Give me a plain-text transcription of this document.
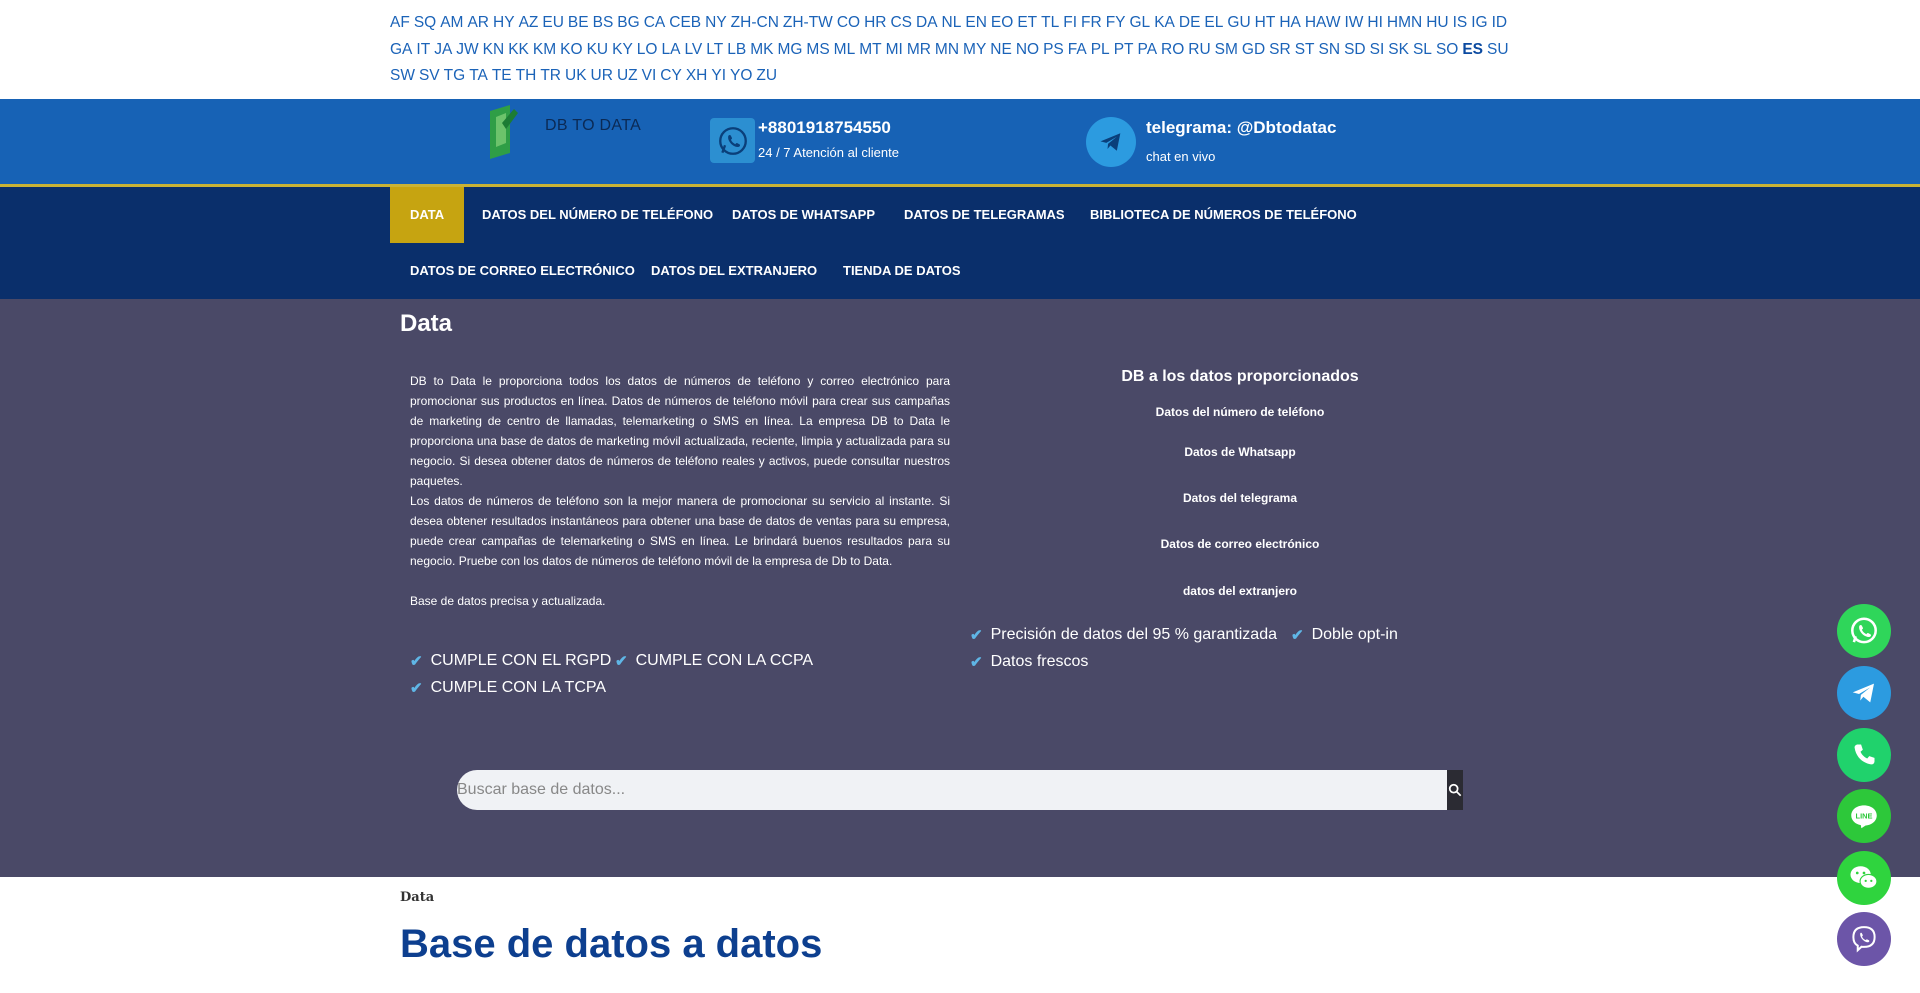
AF SQ AM AR HY AZ EU BE BS BG CA CEB NY ZH-CN ZH-TW CO HR CS DA NL EN EO ET TL FI FR FY GL KA DE EL GU HT HA HAW IW HI HMN HU IS IG IDGA IT JA JW KN KK KM KO KU KY LO LA LV LT LB MK MG MS ML MT MI MR MN MY NE NO PS FA PL PT PA RO RU SM GD SR ST SN SD SI SK SL SO ES SUSW SV TG TA TE TH TR UK UR UZ VI CY XH YI YO ZU
DB TO DATA	+8801918754550
24 / 7 Atención al cliente
telegrama: @Dbtodatac
chat en vivo
DATA	DATOS DEL NÚMERO DE TELÉFONO	DATOS DE WHATSAPP	DATOS DE TELEGRAMAS	BIBLIOTECA DE NÚMEROS DE TELÉFONO
DATOS DE CORREO ELECTRÓNICO	DATOS DEL EXTRANJERO	TIENDA DE DATOS
Data

DB to Data le proporciona todos los datos de números de teléfono y correo electrónico para promocionar sus productos en línea. Datos de números de teléfono móvil para crear sus campañas de marketing de centro de llamadas, telemarketing o SMS en línea. La empresa DB to Data le proporciona una base de datos de marketing móvil actualizada, reciente, limpia y actualizada para su negocio. Si desea obtener datos de números de teléfono reales y activos, puede consultar nuestros paquetes.

Los datos de números de teléfono son la mejor manera de promocionar su servicio al instante. Si desea obtener resultados instantáneos para obtener una base de datos de ventas para su empresa, puede crear campañas de telemarketing o SMS en línea. Le brindará buenos resultados para su negocio. Pruebe con los datos de números de teléfono móvil de la empresa de Db to Data.

Base de datos precisa y actualizada.

DB a los datos proporcionados
Datos del número de teléfono
Datos de Whatsapp
Datos del telegrama
Datos de correo electrónico
datos del extranjero
✔ CUMPLE CON EL RGPD ✔ CUMPLE CON LA CCPA
✔ CUMPLE CON LA TCPA
✔ Precisión de datos del 95 % garantizada ✔ Doble opt-in
✔ Datos frescos
Buscar base de datos...
Data
Base de datos a datos
LINE
